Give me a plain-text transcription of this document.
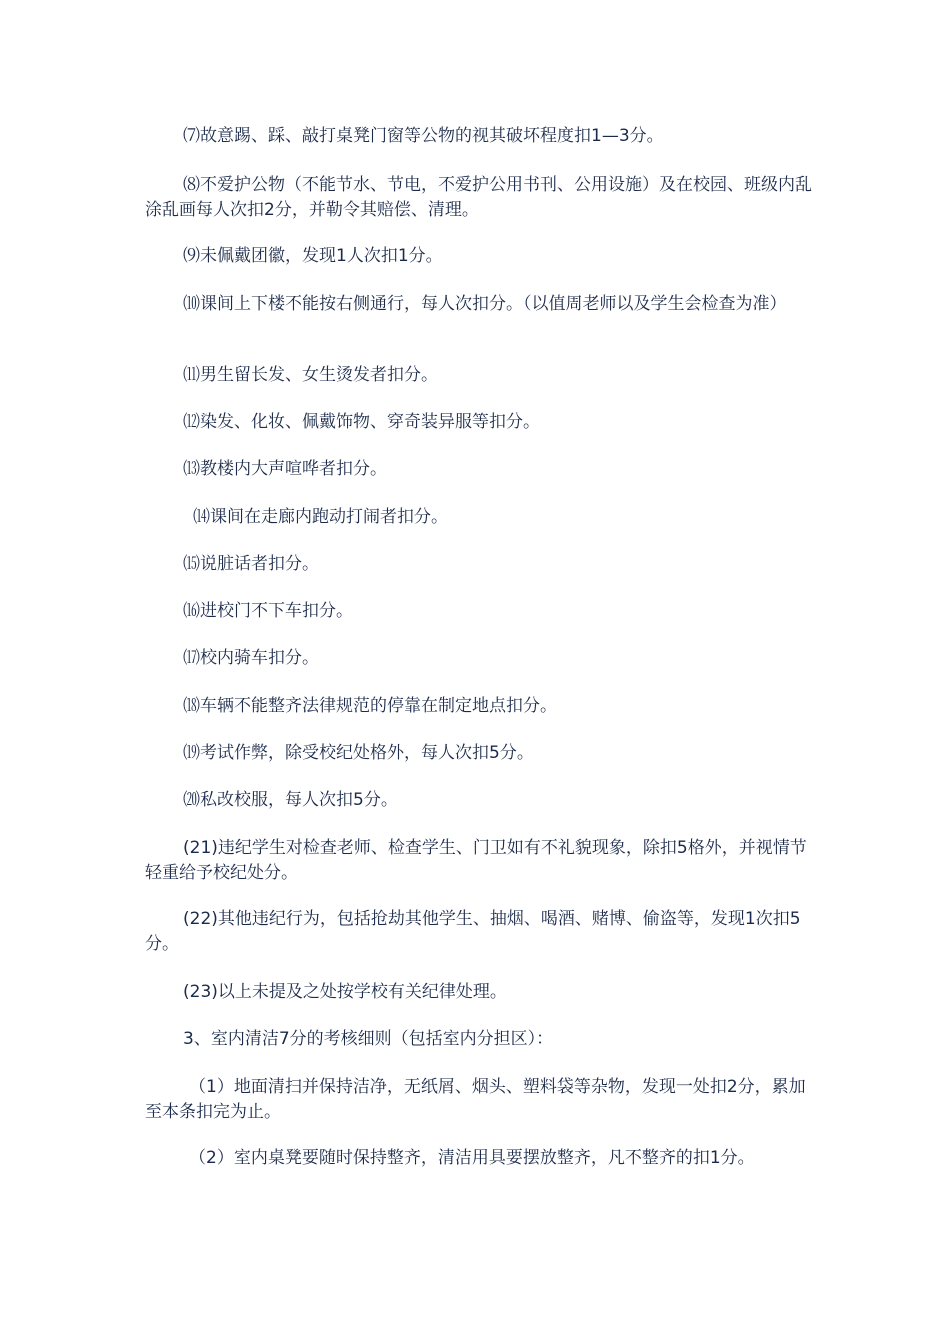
⑺故意踢、踩、敲打桌凳门窗等公物的视其破坏程度扣1—3分。

⑻不爱护公物（不能节水、节电，不爱护公用书刊、公用设施）及在校园、班级内乱涂乱画每人次扣2分，并勒令其赔偿、清理。

⑼未佩戴团徽，发现1人次扣1分。

⑽课间上下楼不能按右侧通行，每人次扣分。（以值周老师以及学生会检查为准）

⑾男生留长发、女生烫发者扣分。

⑿染发、化妆、佩戴饰物、穿奇装异服等扣分。

⒀教楼内大声喧哗者扣分。

⒁课间在走廊内跑动打闹者扣分。

⒂说脏话者扣分。

⒃进校门不下车扣分。

⒄校内骑车扣分。

⒅车辆不能整齐法律规范的停靠在制定地点扣分。

⒆考试作弊，除受校纪处格外，每人次扣5分。

⒇私改校服，每人次扣5分。

(21)违纪学生对检查老师、检查学生、门卫如有不礼貌现象，除扣5格外，并视情节轻重给予校纪处分。

(22)其他违纪行为，包括抢劫其他学生、抽烟、喝酒、赌博、偷盗等，发现1次扣5分。

(23)以上未提及之处按学校有关纪律处理。

3、室内清洁7分的考核细则（包括室内分担区）：

（1）地面清扫并保持洁净，无纸屑、烟头、塑料袋等杂物，发现一处扣2分，累加至本条扣完为止。

（2）室内桌凳要随时保持整齐，清洁用具要摆放整齐，凡不整齐的扣1分。
